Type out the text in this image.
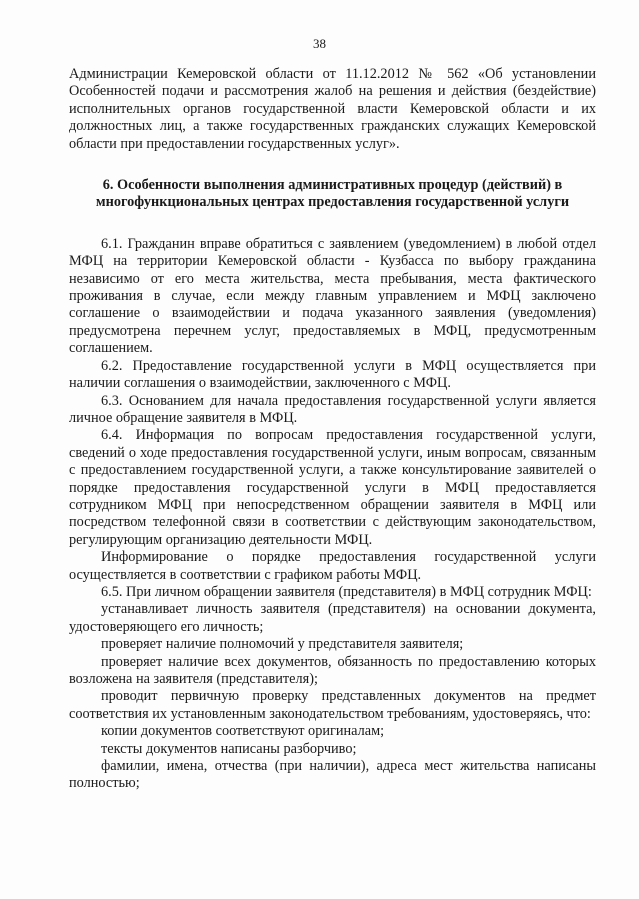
38

Администрации Кемеровской области от 11.12.2012 № 562 «Об установлении Особенностей подачи и рассмотрения жалоб на решения и действия (бездействие) исполнительных органов государственной власти Кемеровской области и их должностных лиц, а также государственных гражданских служащих Кемеровской области при предоставлении государственных услуг».

6. Особенности выполнения административных процедур (действий) в многофункциональных центрах предоставления государственной услуги

6.1. Гражданин вправе обратиться с заявлением (уведомлением) в любой отдел МФЦ на территории Кемеровской области - Кузбасса по выбору гражданина независимо от его места жительства, места пребывания, места фактического проживания в случае, если между главным управлением и МФЦ заключено соглашение о взаимодействии и подача указанного заявления (уведомления) предусмотрена перечнем услуг, предоставляемых в МФЦ, предусмотренным соглашением.

6.2. Предоставление государственной услуги в МФЦ осуществляется при наличии соглашения о взаимодействии, заключенного с МФЦ.

6.3. Основанием для начала предоставления государственной услуги является личное обращение заявителя в МФЦ.

6.4. Информация по вопросам предоставления государственной услуги, сведений о ходе предоставления государственной услуги, иным вопросам, связанным с предоставлением государственной услуги, а также консультирование заявителей о порядке предоставления государственной услуги в МФЦ предоставляется сотрудником МФЦ при непосредственном обращении заявителя в МФЦ или посредством телефонной связи в соответствии с действующим законодательством, регулирующим организацию деятельности МФЦ.

Информирование о порядке предоставления государственной услуги осуществляется в соответствии с графиком работы МФЦ.

6.5. При личном обращении заявителя (представителя) в МФЦ сотрудник МФЦ:

устанавливает личность заявителя (представителя) на основании документа, удостоверяющего его личность;

проверяет наличие полномочий у представителя заявителя;

проверяет наличие всех документов, обязанность по предоставлению которых возложена на заявителя (представителя);

проводит первичную проверку представленных документов на предмет соответствия их установленным законодательством требованиям, удостоверяясь, что:

копии документов соответствуют оригиналам;

тексты документов написаны разборчиво;

фамилии, имена, отчества (при наличии), адреса мест жительства написаны полностью;
